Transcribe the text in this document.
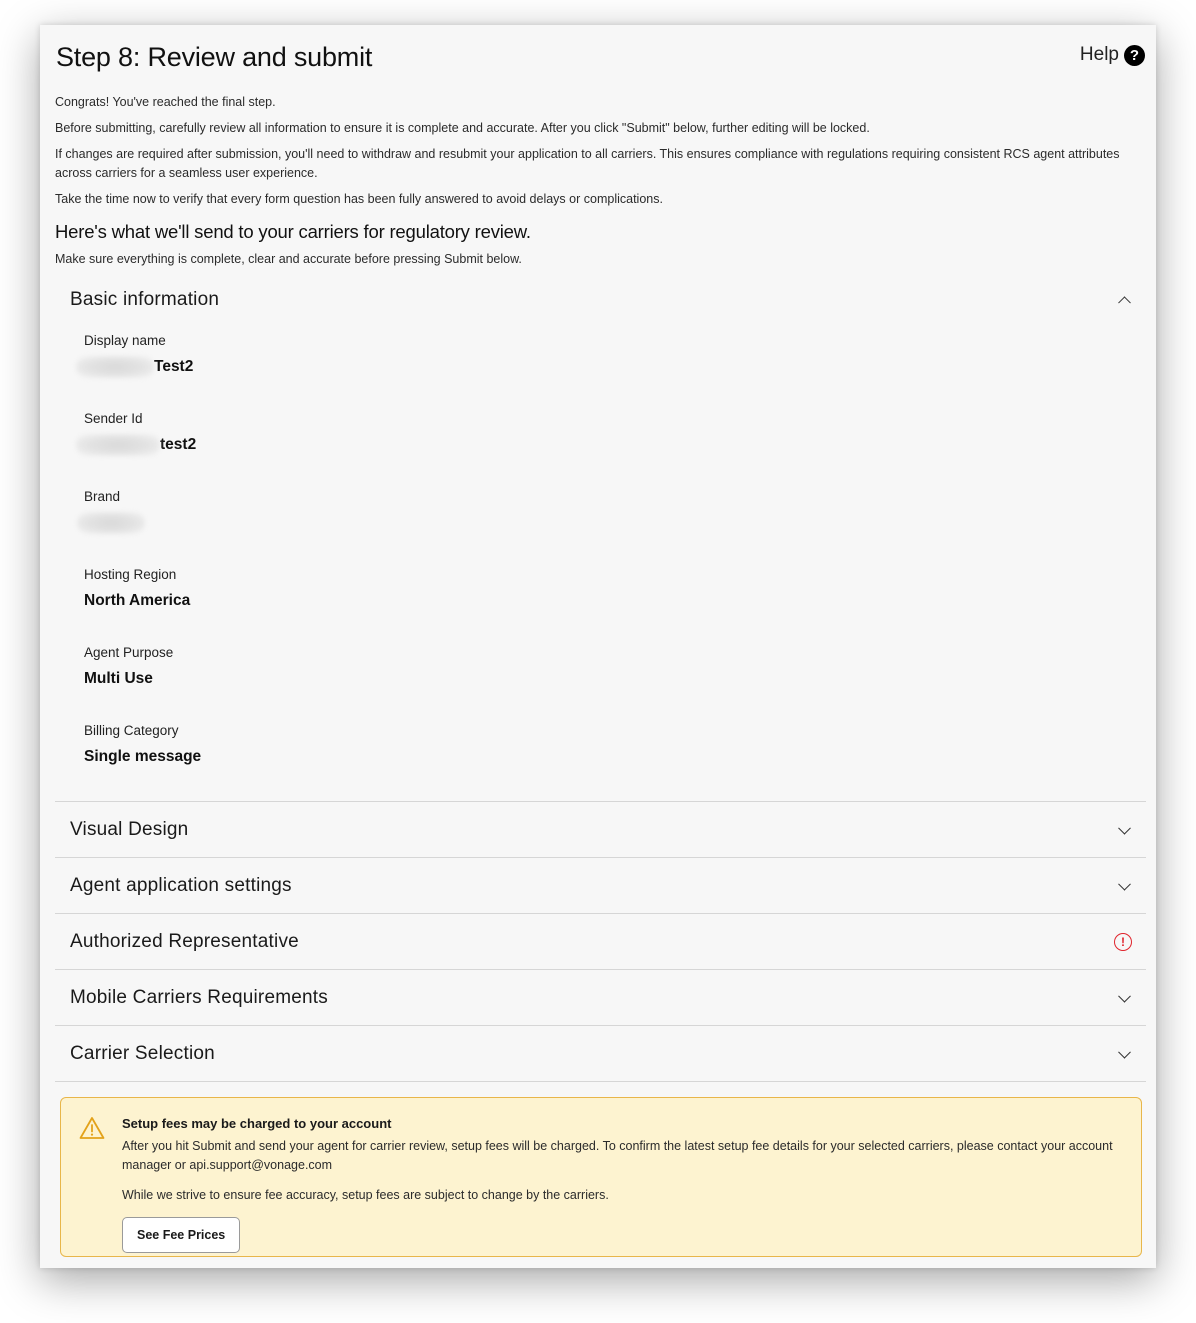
Step 8: Review and submit	Help ?

Congrats! You've reached the final step.

Before submitting, carefully review all information to ensure it is complete and accurate. After you click "Submit" below, further editing will be locked.

If changes are required after submission, you'll need to withdraw and resubmit your application to all carriers. This ensures compliance with regulations requiring consistent RCS agent attributes across carriers for a seamless user experience.

Take the time now to verify that every form question has been fully answered to avoid delays or complications.

Here's what we'll send to your carriers for regulatory review.
Make sure everything is complete, clear and accurate before pressing Submit below.
Basic information
Display name
Test2
Sender Id
test2
Brand
Hosting Region
North America
Agent Purpose
Multi Use
Billing Category
Single message
Visual Design
Agent application settings
Authorized Representative	!
Mobile Carriers Requirements
Carrier Selection
Setup fees may be charged to your account

After you hit Submit and send your agent for carrier review, setup fees will be charged. To confirm the latest setup fee details for your selected carriers, please contact your account manager or api.support@vonage.com

While we strive to ensure fee accuracy, setup fees are subject to change by the carriers.

See Fee Prices
